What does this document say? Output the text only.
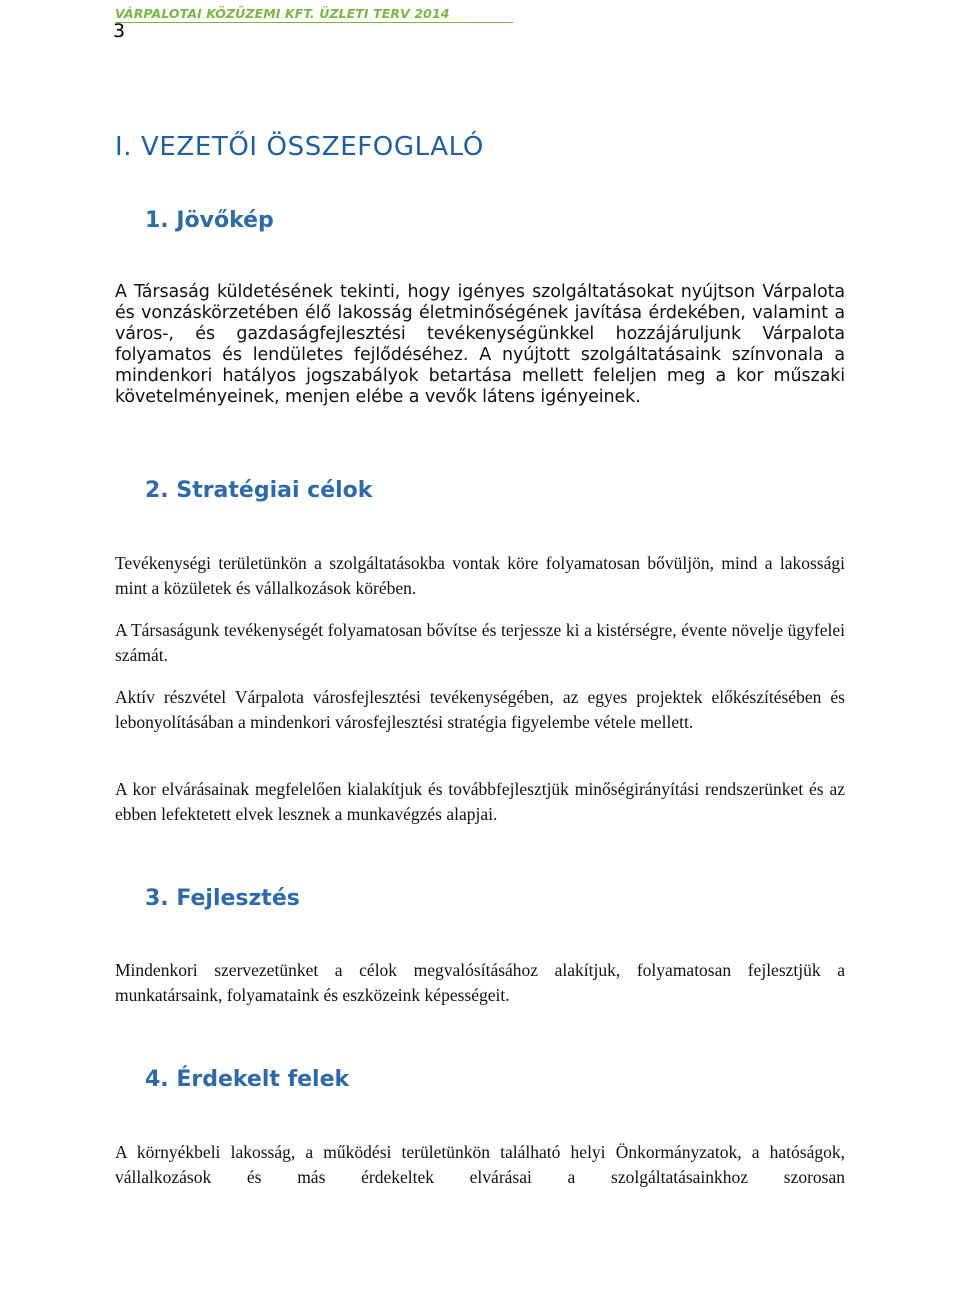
VÁRPALOTAI KÖZÜZEMI KFT. ÜZLETI TERV 2014
3
I. VEZETŐI ÖSSZEFOGLALÓ
1. Jövőkép
A Társaság küldetésének tekinti, hogy igényes szolgáltatásokat nyújtson Várpalota és vonzáskörzetében élő lakosság életminőségének javítása érdekében, valamint a város-, és gazdaságfejlesztési tevékenységünkkel hozzájáruljunk Várpalota folyamatos és lendületes fejlődéséhez. A nyújtott szolgáltatásaink színvonala a mindenkori hatályos jogszabályok betartása mellett feleljen meg a kor műszaki követelményeinek, menjen elébe a vevők látens igényeinek.
2. Stratégiai célok
Tevékenységi területünkön a szolgáltatásokba vontak köre folyamatosan bővüljön, mind a lakossági mint a közületek és vállalkozások körében.
A Társaságunk tevékenységét folyamatosan bővítse és terjessze ki a kistérségre, évente növelje ügyfelei számát.
Aktív részvétel Várpalota városfejlesztési tevékenységében, az egyes projektek előkészítésében és lebonyolításában a mindenkori városfejlesztési stratégia figyelembe vétele mellett.
A kor elvárásainak megfelelően kialakítjuk és továbbfejlesztjük minőségirányítási rendszerünket és az ebben lefektetett elvek lesznek a munkavégzés alapjai.
3. Fejlesztés
Mindenkori szervezetünket a célok megvalósításához alakítjuk, folyamatosan fejlesztjük a munkatársaink, folyamataink és eszközeink képességeit.
4. Érdekelt felek
A környékbeli lakosság, a működési területünkön található helyi Önkormányzatok, a hatóságok, vállalkozások és más érdekeltek elvárásai a szolgáltatásainkhoz szorosan
